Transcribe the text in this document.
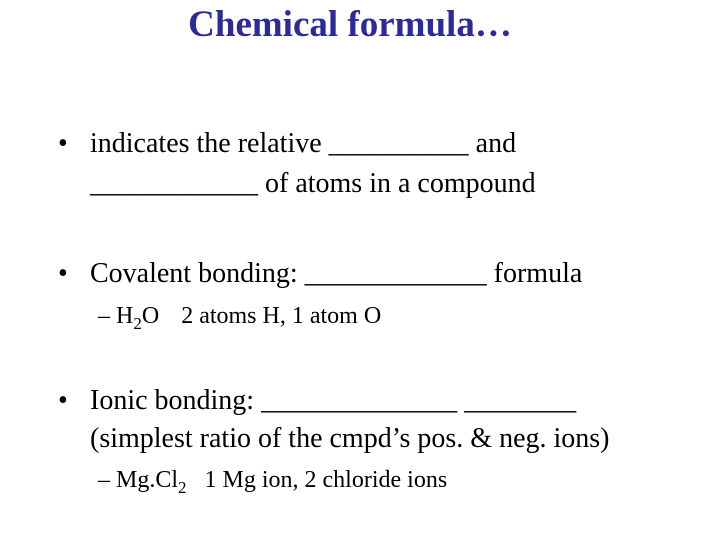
Chemical formula…
• indicates the relative __________ and
____________ of atoms in a compound
• Covalent bonding: _____________ formula
– $H_2O$ 2 atoms H, 1 atom O
• Ionic bonding: ______________ ________
(simplest ratio of the cmpd’s pos. & neg. ions)
– $Mg.Cl_2$ 1 Mg ion, 2 chloride ions
